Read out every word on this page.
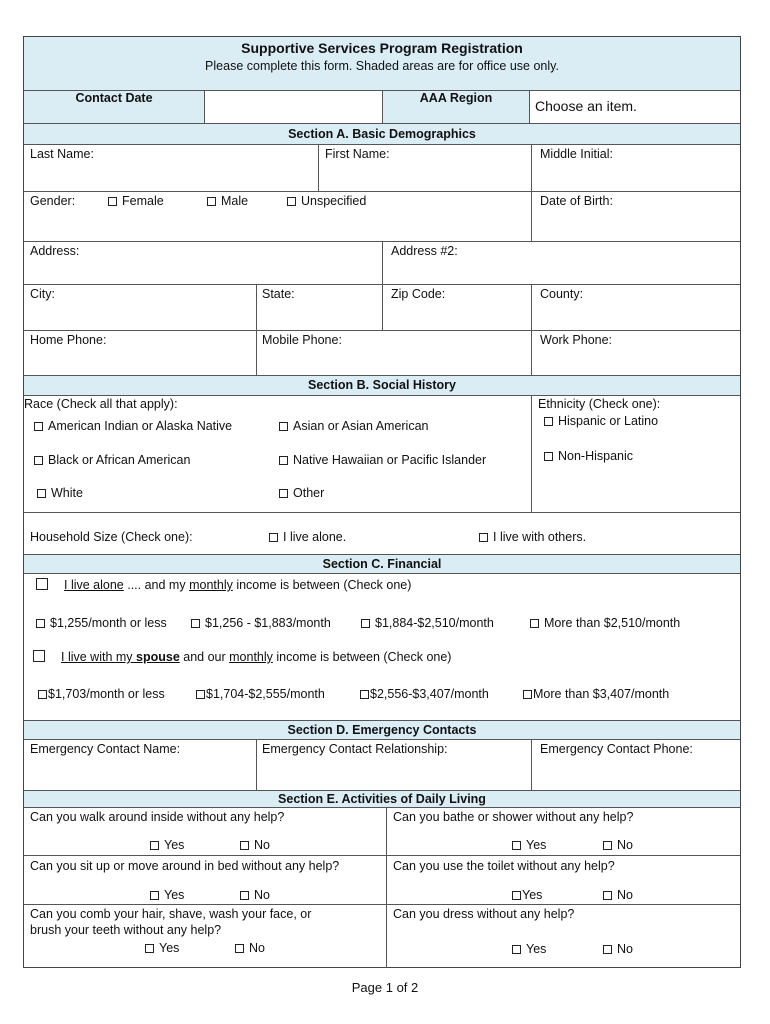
Supportive Services Program Registration
Please complete this form. Shaded areas are for office use only.
Contact Date	AAA Region	Choose an item.
Section A. Basic Demographics
Last Name:	First Name:	Middle Initial:
Gender:	Female	Male	Unspecified	Date of Birth:
Address:	Address #2:
City:	State:	Zip Code:	County:
Home Phone:	Mobile Phone:	Work Phone:
Section B. Social History
Race (Check all that apply):
American Indian or Alaska Native	Asian or Asian American
Black or African American	Native Hawaiian or Pacific Islander
White	Other
Ethnicity (Check one):
Hispanic or Latino
Non-Hispanic
Household Size (Check one):	I live alone.	I live with others.
Section C. Financial
I live alone .... and my monthly income is between (Check one)
$1,255/month or less	$1,256 - $1,883/month	$1,884-$2,510/month	More than $2,510/month
I live with my spouse and our monthly income is between (Check one)
$1,703/month or less	$1,704-$2,555/month	$2,556-$3,407/month	More than $3,407/month
Section D. Emergency Contacts
Emergency Contact Name:	Emergency Contact Relationship:	Emergency Contact Phone:
Section E. Activities of Daily Living
Can you walk around inside without any help?
Yes	No
Can you bathe or shower without any help?
Yes	No
Can you sit up or move around in bed without any help?
Yes	No
Can you use the toilet without any help?
Yes	No
Can you comb your hair, shave, wash your face, or
brush your teeth without any help?
Yes	No
Can you dress without any help?
Yes	No
Page 1 of 2
